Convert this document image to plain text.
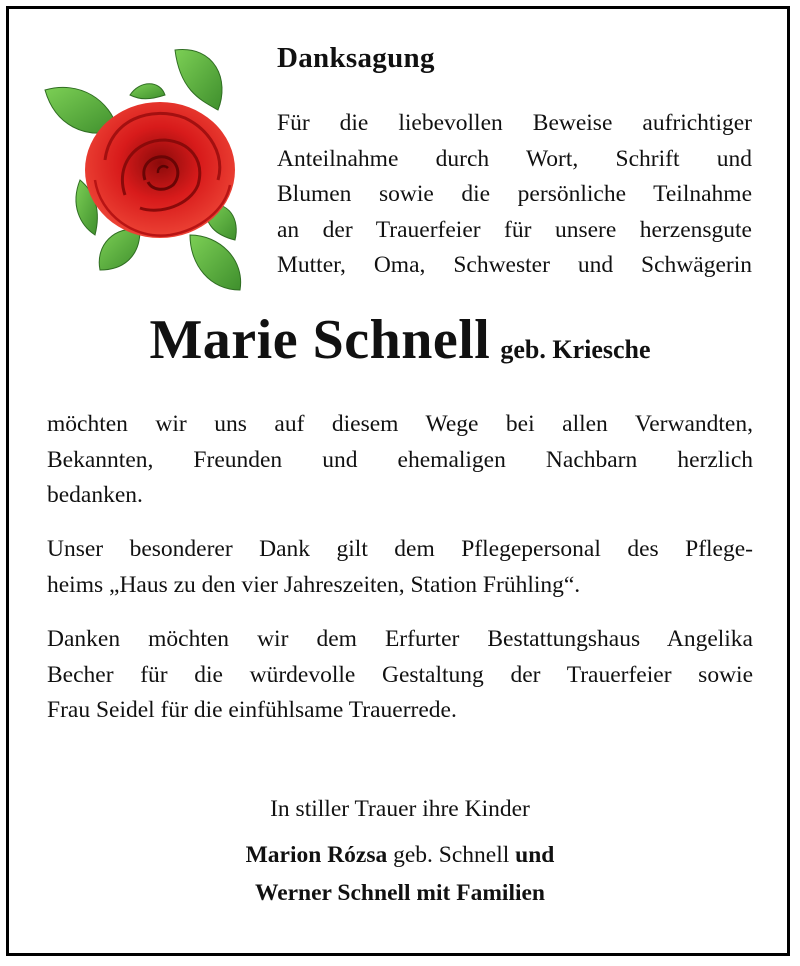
Danksagung
Für die liebevollen Beweise aufrichtiger
Anteilnahme durch Wort, Schrift und
Blumen sowie die persönliche Teilnahme
an der Trauerfeier für unsere herzensgute
Mutter, Oma, Schwester und Schwägerin
Marie Schnell geb. Kriesche
möchten wir uns auf diesem Wege bei allen Verwandten,
Bekannten, Freunden und ehemaligen Nachbarn herzlich
bedanken.
Unser besonderer Dank gilt dem Pflegepersonal des Pflege-
heims „Haus zu den vier Jahreszeiten, Station Frühling“.
Danken möchten wir dem Erfurter Bestattungshaus Angelika
Becher für die würdevolle Gestaltung der Trauerfeier sowie
Frau Seidel für die einfühlsame Trauerrede.
In stiller Trauer ihre Kinder
Marion Rózsa geb. Schnell und
Werner Schnell mit Familien
